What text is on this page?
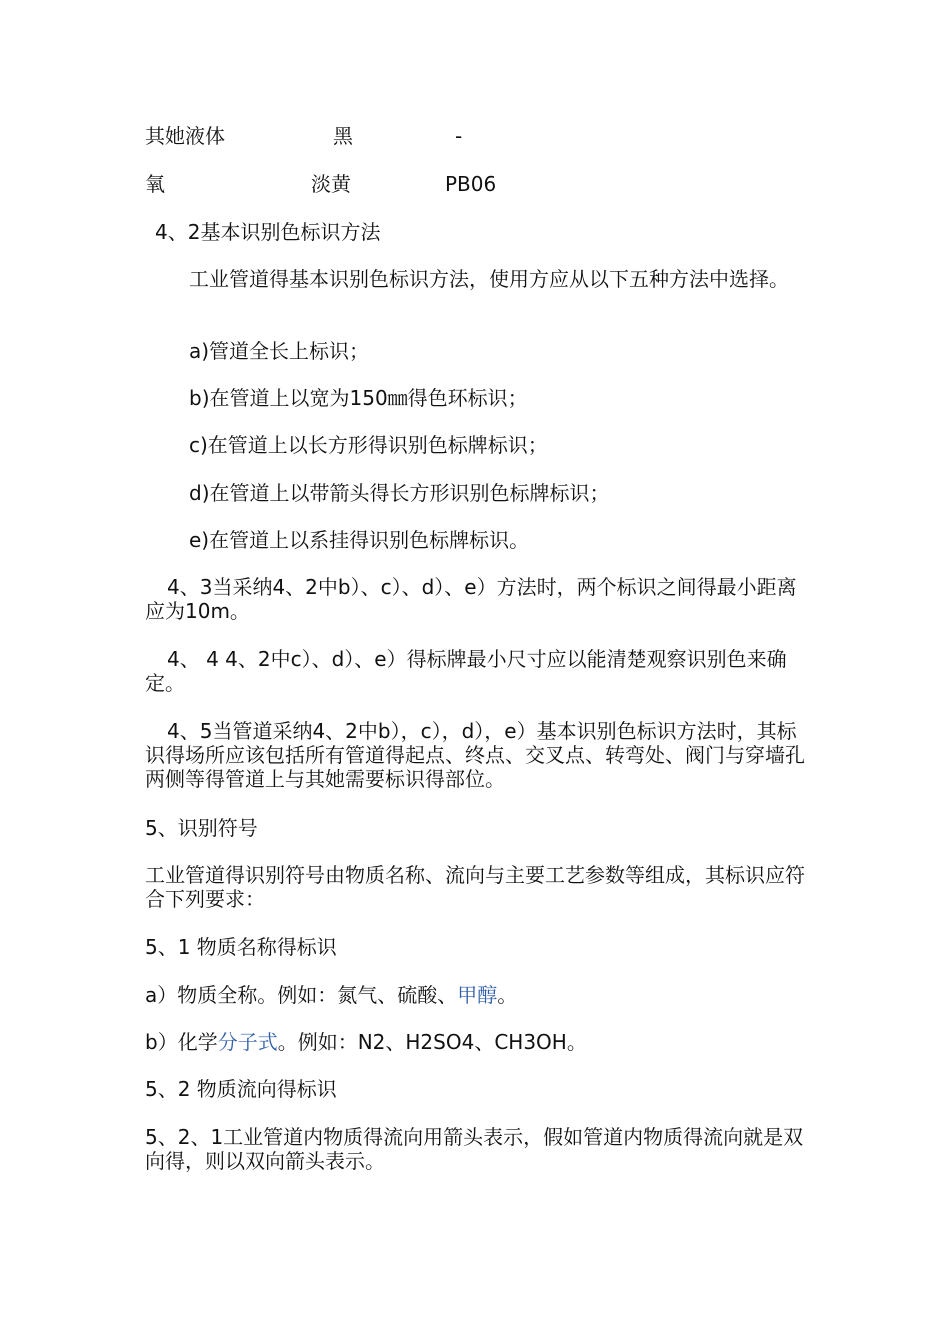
其她液体	黑	-
氧	淡黄	PB06
4、2基本识别色标识方法
工业管道得基本识别色标识方法，使用方应从以下五种方法中选择。
a)管道全长上标识；
b)在管道上以宽为150㎜得色环标识；
c)在管道上以长方形得识别色标牌标识；
d)在管道上以带箭头得长方形识别色标牌标识；
e)在管道上以系挂得识别色标牌标识。
4、3当采纳4、2中b）、c）、d）、e）方法时，两个标识之间得最小距离应为10m。
4、 4 4、2中c）、d）、e）得标牌最小尺寸应以能清楚观察识别色来确定。
4、5当管道采纳4、2中b），c），d），e）基本识别色标识方法时，其标识得场所应该包括所有管道得起点、终点、交叉点、转弯处、阀门与穿墙孔两侧等得管道上与其她需要标识得部位。
5、识别符号
工业管道得识别符号由物质名称、流向与主要工艺参数等组成，其标识应符合下列要求：
5、1 物质名称得标识
a）物质全称。例如：氮气、硫酸、甲醇。
b）化学分子式。例如：N2、H2SO4、CH3OH。
5、2 物质流向得标识
5、2、1工业管道内物质得流向用箭头表示，假如管道内物质得流向就是双向得，则以双向箭头表示。
